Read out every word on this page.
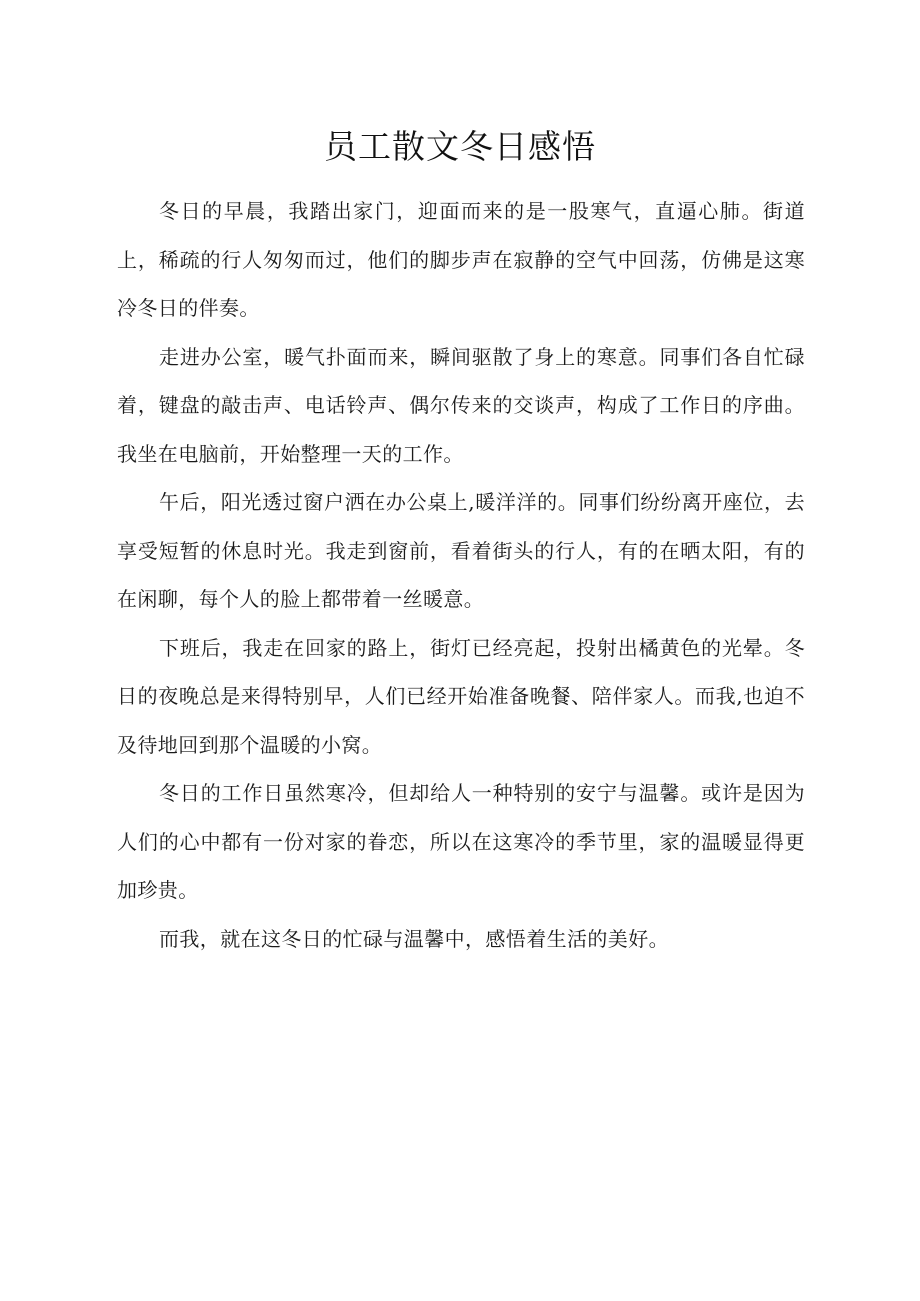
员工散文冬日感悟

冬日的早晨，我踏出家门，迎面而来的是一股寒气，直逼心肺。街道上，稀疏的行人匆匆而过，他们的脚步声在寂静的空气中回荡，仿佛是这寒冷冬日的伴奏。

走进办公室，暖气扑面而来，瞬间驱散了身上的寒意。同事们各自忙碌着，键盘的敲击声、电话铃声、偶尔传来的交谈声，构成了工作日的序曲。我坐在电脑前，开始整理一天的工作。

午后，阳光透过窗户洒在办公桌上,暖洋洋的。同事们纷纷离开座位，去享受短暂的休息时光。我走到窗前，看着街头的行人，有的在晒太阳，有的在闲聊，每个人的脸上都带着一丝暖意。

下班后，我走在回家的路上，街灯已经亮起，投射出橘黄色的光晕。冬日的夜晚总是来得特别早，人们已经开始准备晚餐、陪伴家人。而我,也迫不及待地回到那个温暖的小窝。

冬日的工作日虽然寒冷，但却给人一种特别的安宁与温馨。或许是因为人们的心中都有一份对家的眷恋，所以在这寒冷的季节里，家的温暖显得更加珍贵。

而我，就在这冬日的忙碌与温馨中，感悟着生活的美好。
